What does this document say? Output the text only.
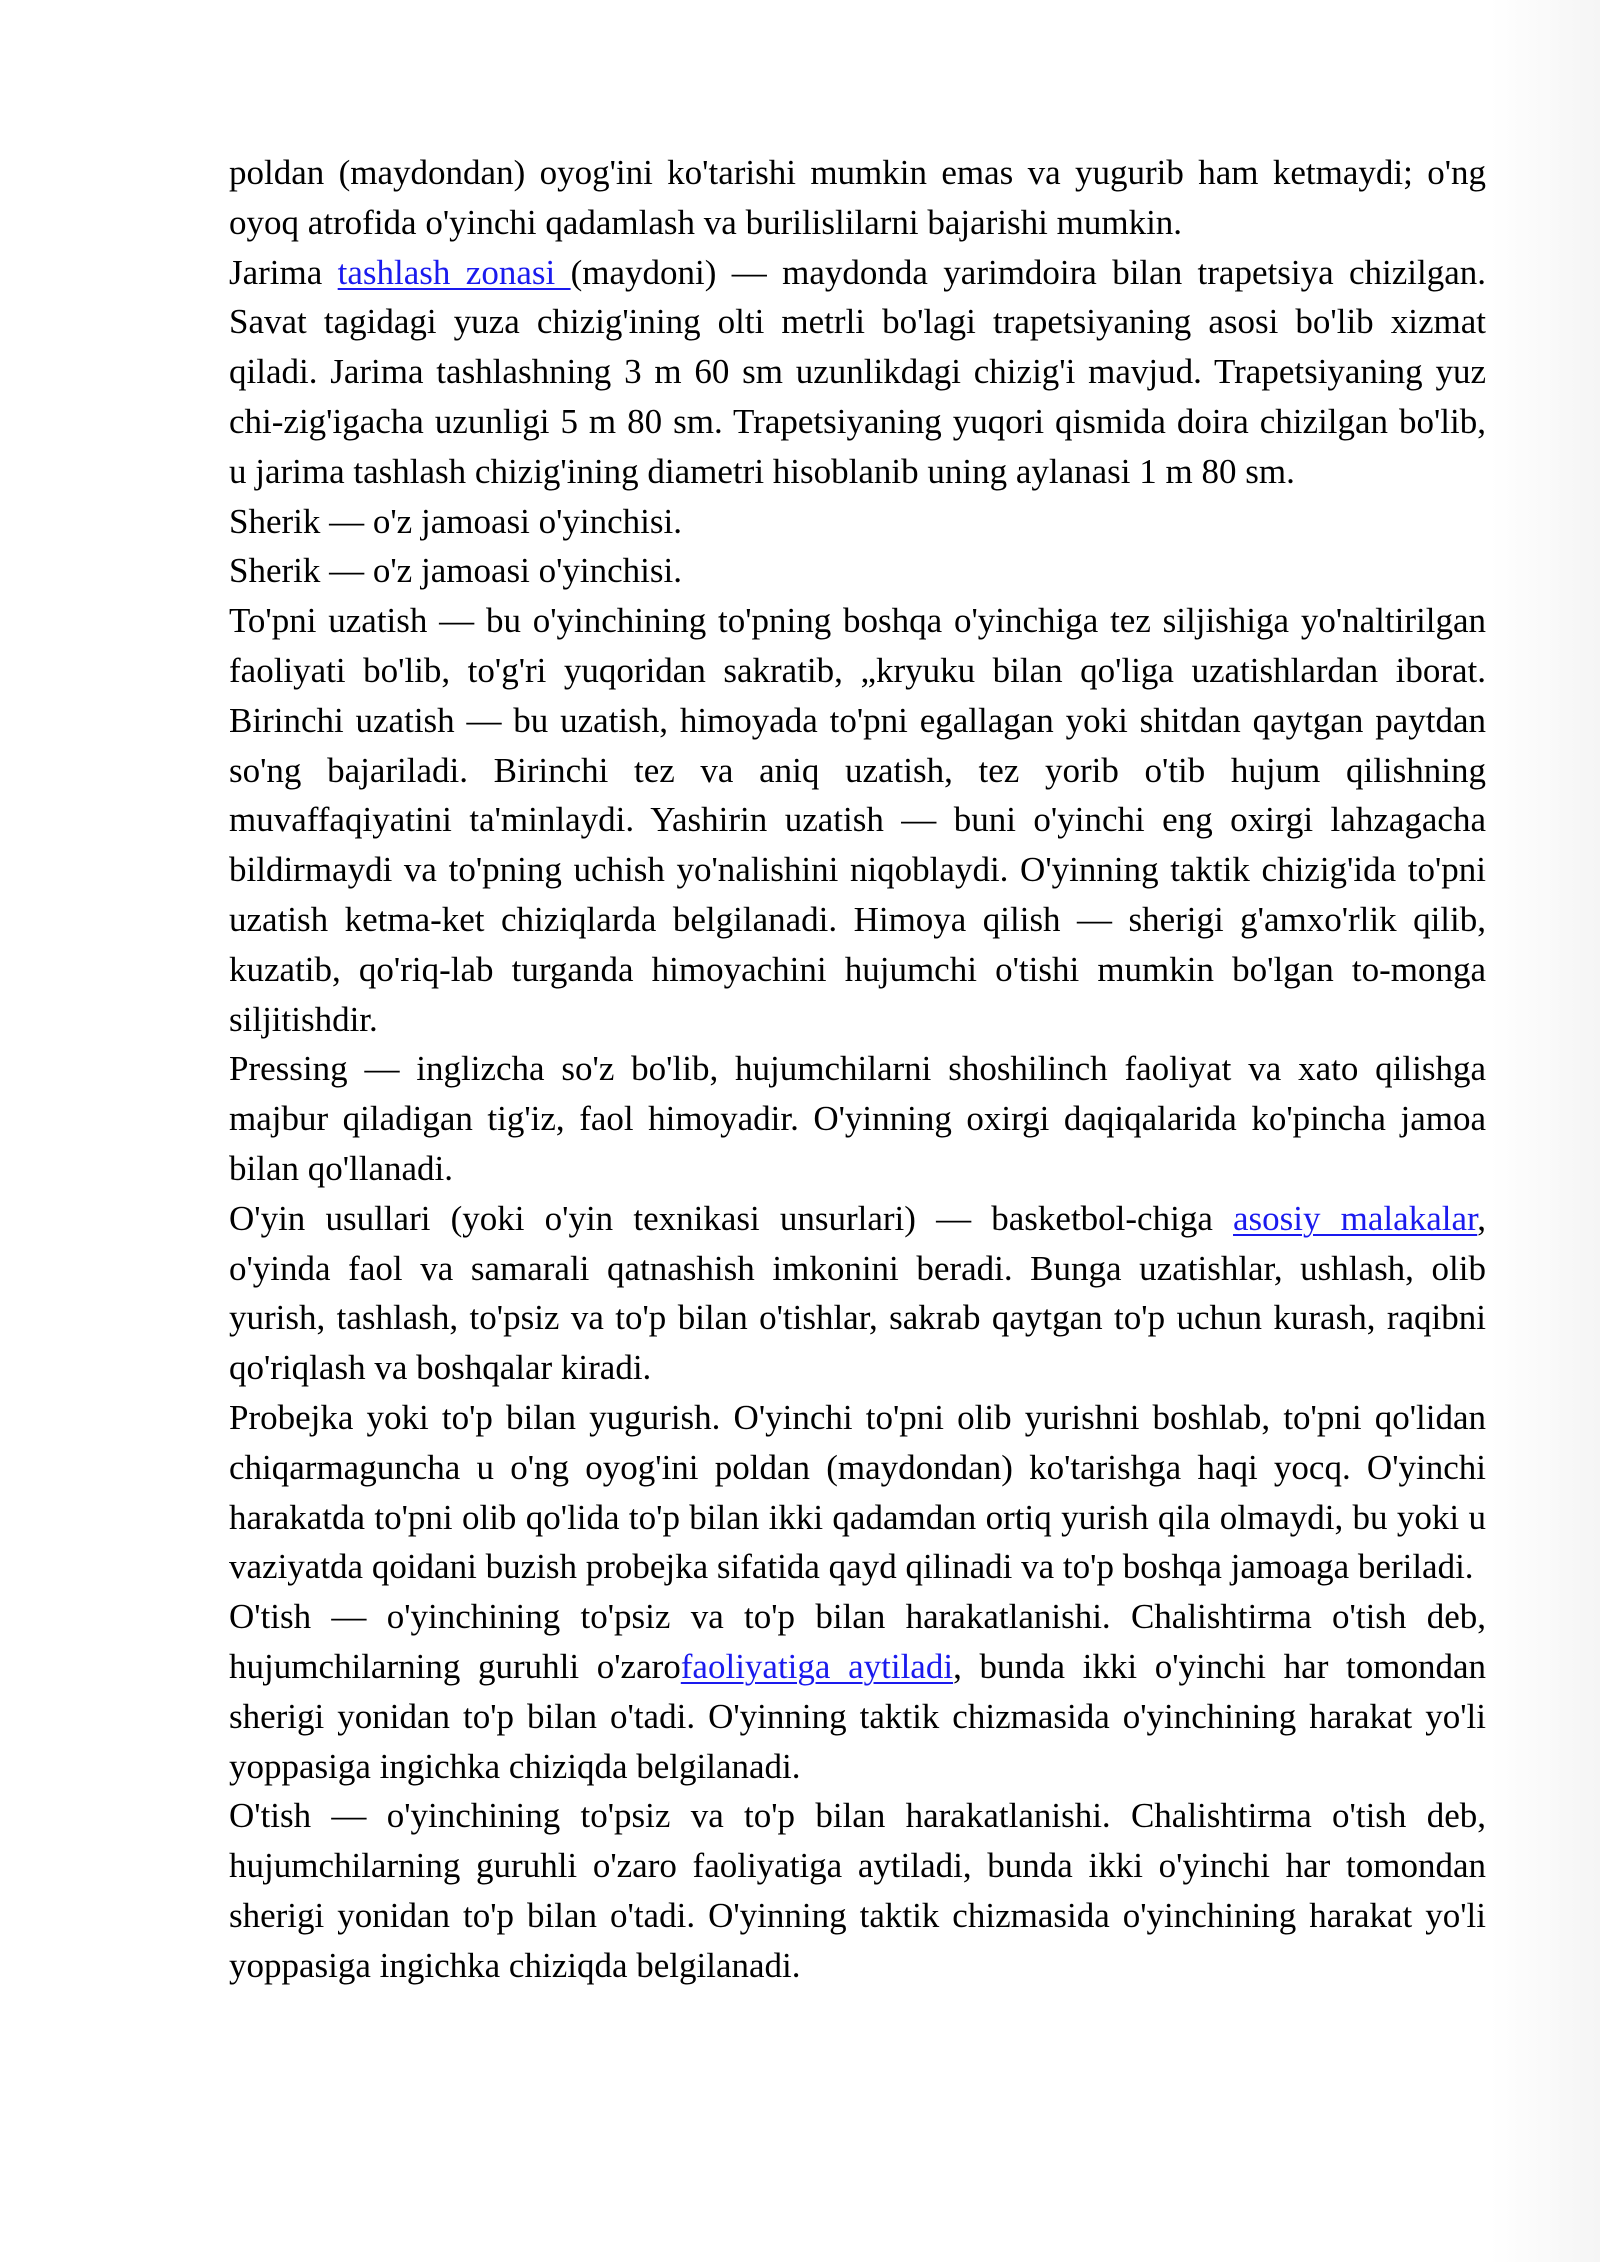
poldan (maydondan) oyog'ini ko'tarishi mumkin emas va yugurib ham ketmaydi; o'ng oyoq atrofida o'yinchi qadamlash va burilislilarni bajarishi mumkin.

Jarima tashlash zonasi (maydoni) — maydonda yarimdoira bilan trapetsiya chizilgan. Savat tagidagi yuza chizig'ining olti metrli bo'lagi trapetsiyaning asosi bo'lib xizmat qiladi. Jarima tashlashning 3 m 60 sm uzunlikdagi chizig'i mavjud. Trapetsiyaning yuz chi-zig'igacha uzunligi 5 m 80 sm. Trapetsiyaning yuqori qismida doira chizilgan bo'lib, u jarima tashlash chizig'ining diametri hisoblanib uning aylanasi 1 m 80 sm.

Sherik — o'z jamoasi o'yinchisi.

Sherik — o'z jamoasi o'yinchisi.

To'pni uzatish — bu o'yinchining to'pning boshqa o'yinchiga tez siljishiga yo'naltirilgan faoliyati bo'lib, to'g'ri yuqoridan sakratib, „kryuku bilan qo'liga uzatishlardan iborat. Birinchi uzatish — bu uzatish, himoyada to'pni egallagan yoki shitdan qaytgan paytdan so'ng bajariladi. Birinchi tez va aniq uzatish, tez yorib o'tib hujum qilishning muvaffaqiyatini ta'minlaydi. Yashirin uzatish — buni o'yinchi eng oxirgi lahzagacha bildirmaydi va to'pning uchish yo'nalishini niqoblaydi. O'yinning taktik chizig'ida to'pni uzatish ketma-ket chiziqlarda belgilanadi. Himoya qilish — sherigi g'amxo'rlik qilib, kuzatib, qo'riq-lab turganda himoyachini hujumchi o'tishi mumkin bo'lgan to-monga siljitishdir.

Pressing — inglizcha so'z bo'lib, hujumchilarni shoshilinch faoliyat va xato qilishga majbur qiladigan tig'iz, faol himoyadir. O'yinning oxirgi daqiqalarida ko'pincha jamoa bilan qo'llanadi.

O'yin usullari (yoki o'yin texnikasi unsurlari) — basketbol-chiga asosiy malakalar, o'yinda faol va samarali qatnashish imkonini beradi. Bunga uzatishlar, ushlash, olib yurish, tashlash, to'psiz va to'p bilan o'tishlar, sakrab qaytgan to'p uchun kurash, raqibni qo'riqlash va boshqalar kiradi.

Probejka yoki to'p bilan yugurish. O'yinchi to'pni olib yurishni boshlab, to'pni qo'lidan chiqarmaguncha u o'ng oyog'ini poldan (maydondan) ko'tarishga haqi yocq. O'yinchi harakatda to'pni olib qo'lida to'p bilan ikki qadamdan ortiq yurish qila olmaydi, bu yoki u vaziyatda qoidani buzish probejka sifatida qayd qilinadi va to'p boshqa jamoaga beriladi.

O'tish — o'yinchining to'psiz va to'p bilan harakatlanishi. Chalishtirma o'tish deb, hujumchilarning guruhli o'zarofaoliyatiga aytiladi, bunda ikki o'yinchi har tomondan sherigi yonidan to'p bilan o'tadi. O'yinning taktik chizmasida o'yinchining harakat yo'li yoppasiga ingichka chiziqda belgilanadi.

O'tish — o'yinchining to'psiz va to'p bilan harakatlanishi. Chalishtirma o'tish deb, hujumchilarning guruhli o'zaro faoliyatiga aytiladi, bunda ikki o'yinchi har tomondan sherigi yonidan to'p bilan o'tadi. O'yinning taktik chizmasida o'yinchining harakat yo'li yoppasiga ingichka chiziqda belgilanadi.
